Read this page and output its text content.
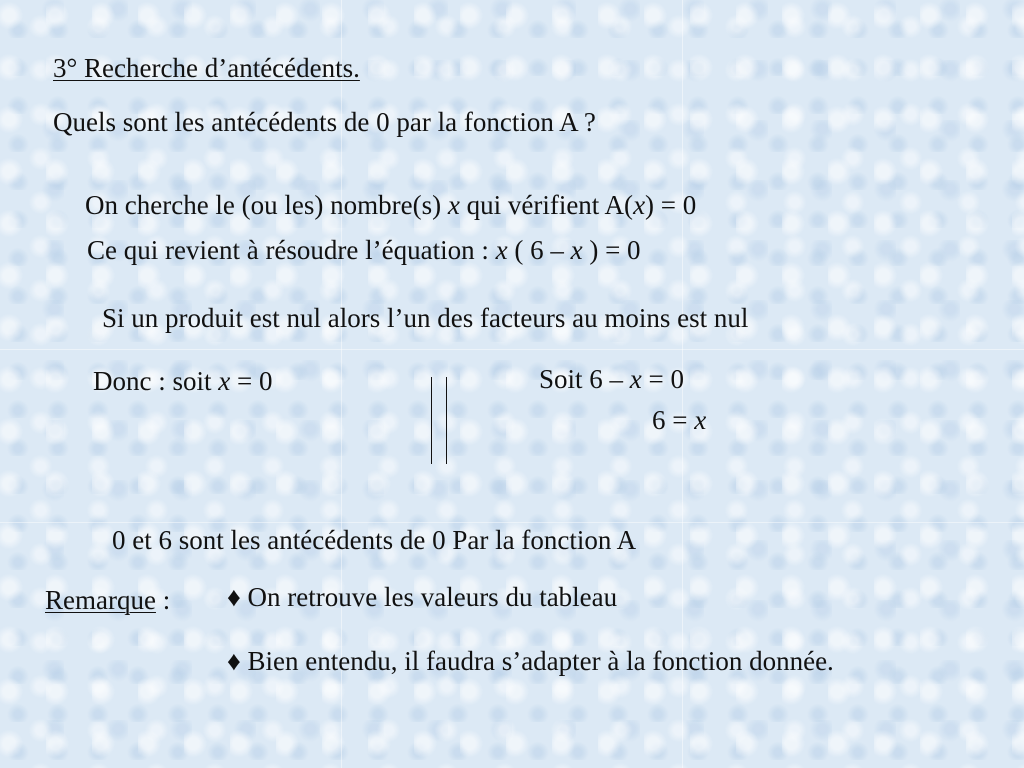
3° Recherche d’antécédents.
Quels sont les antécédents de 0 par la fonction A ?
On cherche le (ou les) nombre(s) x qui vérifient A(x) = 0
Ce qui revient à résoudre l’équation : x ( 6 – x ) = 0
Si un produit est nul alors l’un des facteurs au moins est nul
Donc : soit x = 0	Soit 6 – x = 0
6 = x
0 et 6 sont les antécédents de 0 Par la fonction A
Remarque : ♦ On retrouve les valeurs du tableau
♦ Bien entendu, il faudra s’adapter à la fonction donnée.
